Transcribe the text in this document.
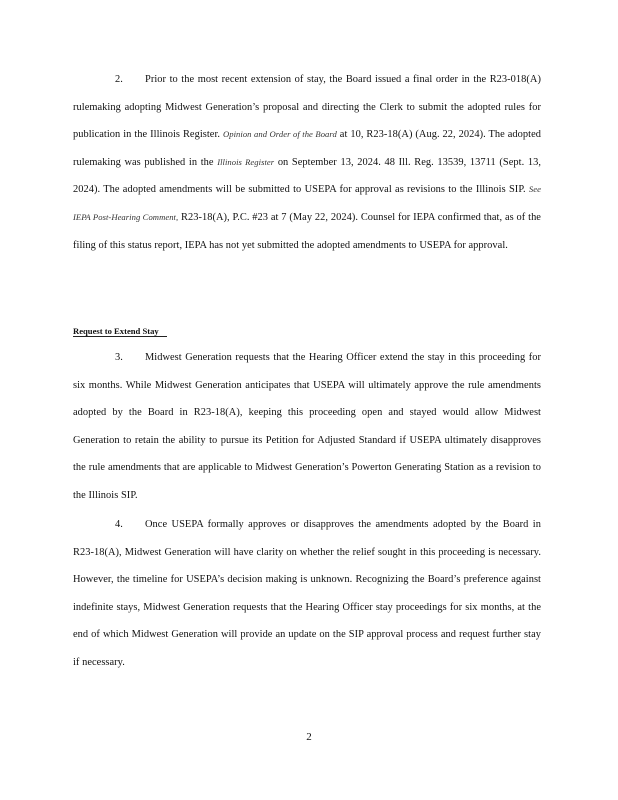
2. Prior to the most recent extension of stay, the Board issued a final order in the R23-018(A) rulemaking adopting Midwest Generation’s proposal and directing the Clerk to submit the adopted rules for publication in the Illinois Register. Opinion and Order of the Board at 10, R23-18(A) (Aug. 22, 2024). The adopted rulemaking was published in the Illinois Register on September 13, 2024. 48 Ill. Reg. 13539, 13711 (Sept. 13, 2024). The adopted amendments will be submitted to USEPA for approval as revisions to the Illinois SIP. See IEPA Post-Hearing Comment, R23-18(A), P.C. #23 at 7 (May 22, 2024). Counsel for IEPA confirmed that, as of the filing of this status report, IEPA has not yet submitted the adopted amendments to USEPA for approval.
Request to Extend Stay
3. Midwest Generation requests that the Hearing Officer extend the stay in this proceeding for six months. While Midwest Generation anticipates that USEPA will ultimately approve the rule amendments adopted by the Board in R23-18(A), keeping this proceeding open and stayed would allow Midwest Generation to retain the ability to pursue its Petition for Adjusted Standard if USEPA ultimately disapproves the rule amendments that are applicable to Midwest Generation’s Powerton Generating Station as a revision to the Illinois SIP.
4. Once USEPA formally approves or disapproves the amendments adopted by the Board in R23-18(A), Midwest Generation will have clarity on whether the relief sought in this proceeding is necessary. However, the timeline for USEPA’s decision making is unknown. Recognizing the Board’s preference against indefinite stays, Midwest Generation requests that the Hearing Officer stay proceedings for six months, at the end of which Midwest Generation will provide an update on the SIP approval process and request further stay if necessary.
2
